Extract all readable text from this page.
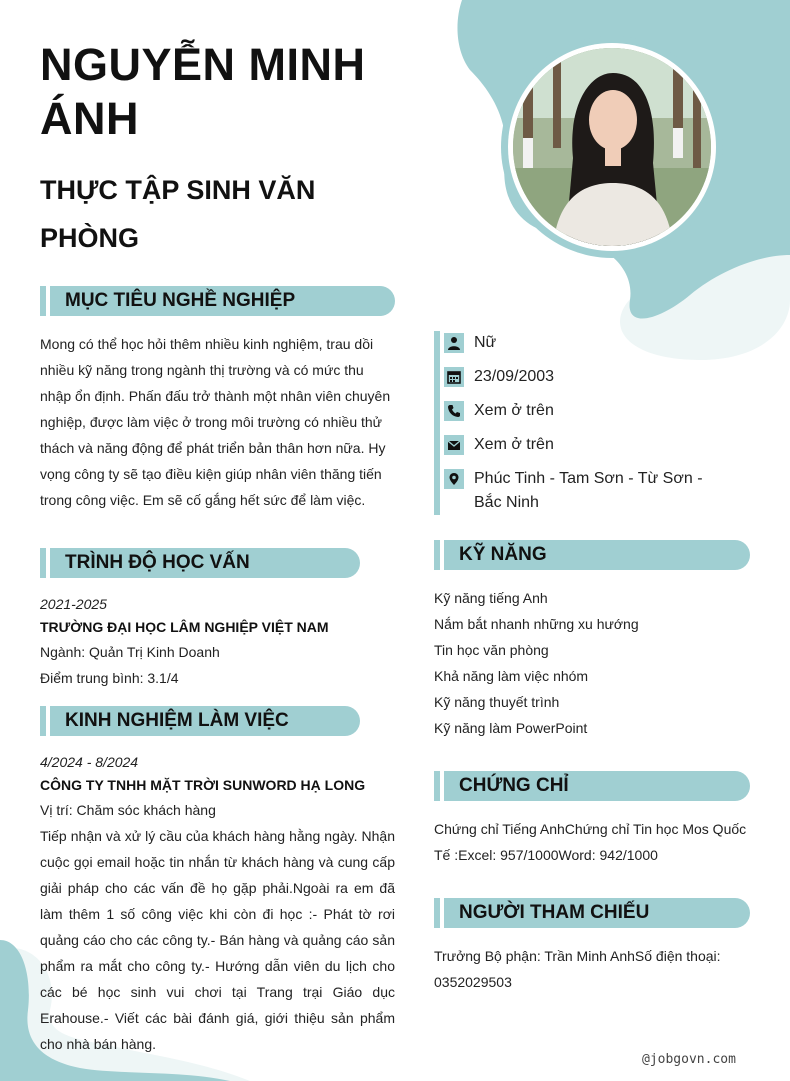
NGUYỄN MINH ÁNH
THỰC TẬP SINH VĂN PHÒNG
MỤC TIÊU NGHỀ NGHIỆP
Mong có thể học hỏi thêm nhiều kinh nghiệm, trau dồi nhiều kỹ năng trong ngành thị trường và có mức thu nhập ổn định. Phấn đấu trở thành một nhân viên chuyên nghiệp, được làm việc ở trong môi trường có nhiều thử thách và năng động để phát triển bản thân hơn nữa. Hy vọng công ty sẽ tạo điều kiện giúp nhân viên thăng tiến trong công việc. Em sẽ cố gắng hết sức để làm việc.
TRÌNH ĐỘ HỌC VẤN
2021-2025
TRƯỜNG ĐẠI HỌC LÂM NGHIỆP VIỆT NAM
Ngành: Quản Trị Kinh Doanh
Điểm trung bình: 3.1/4
KINH NGHIỆM LÀM VIỆC
4/2024 - 8/2024
CÔNG TY TNHH MẶT TRỜI SUNWORD HẠ LONG
Vị trí: Chăm sóc khách hàng
Tiếp nhận và xử lý cầu của khách hàng hằng ngày. Nhận cuộc gọi email hoặc tin nhắn từ khách hàng và cung cấp giải pháp cho các vấn đề họ gặp phải.Ngoài ra em đã làm thêm 1 số công việc khi còn đi học :- Phát tờ rơi quảng cáo cho các công ty.- Bán hàng và quảng cáo sản phẩm ra mắt cho công ty.- Hướng dẫn viên du lịch cho các bé học sinh vui chơi tại Trang trại Giáo dục Erahouse.- Viết các bài đánh giá, giới thiệu sản phẩm cho nhà bán hàng.
Nữ
23/09/2003
Xem ở trên
Xem ở trên
Phúc Tinh - Tam Sơn - Từ Sơn - Bắc Ninh
KỸ NĂNG
Kỹ năng tiếng Anh
Nắm bắt nhanh những xu hướng
Tin học văn phòng
Khả năng làm việc nhóm
Kỹ năng thuyết trình
Kỹ năng làm PowerPoint
CHỨNG CHỈ
Chứng chỉ Tiếng AnhChứng chỉ Tin học Mos Quốc Tế :Excel: 957/1000Word: 942/1000
NGƯỜI THAM CHIẾU
Trưởng Bộ phận: Trần Minh AnhSố điện thoại: 0352029503
@jobgovn.com
